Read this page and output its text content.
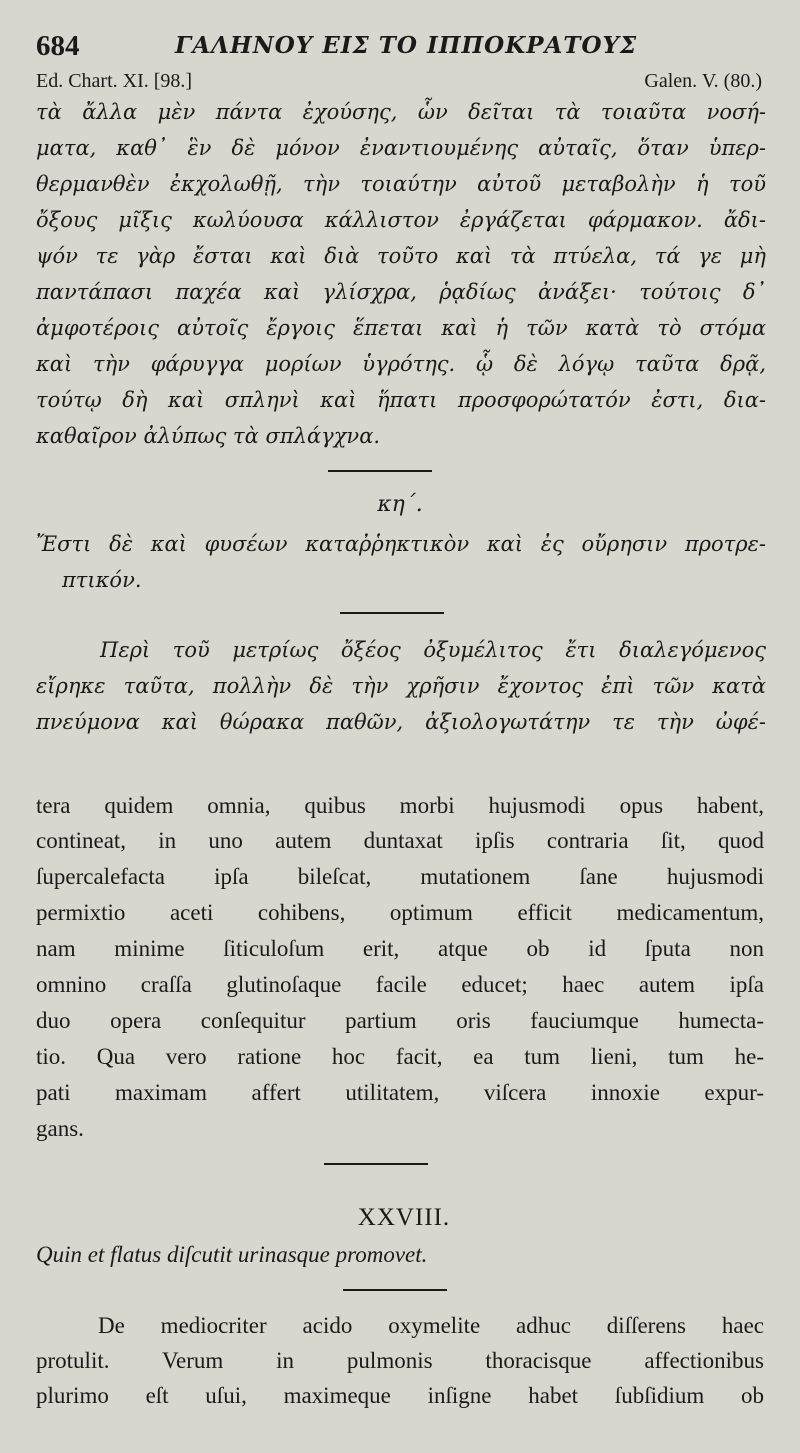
684	ΓΑΛΗΝΟΥ ΕΙΣ ΤΟ ΙΠΠΟΚΡΑΤΟΥΣ
Ed. Chart. XI. [98.]	Galen. V. (80.)
τὰ ἄλλα μὲν πάντα ἐχούσης, ὧν δεῖται τὰ τοιαῦτα νοσή-
ματα, καθ᾽ ἓν δὲ μόνον ἐναντιουμένης αὐταῖς, ὅταν ὑπερ-
θερμανθὲν ἐκχολωθῇ, τὴν τοιαύτην αὐτοῦ μεταβολὴν ἡ τοῦ
ὄξους μῖξις κωλύουσα κάλλιστον ἐργάζεται φάρμακον. ἄδι-
ψόν τε γὰρ ἔσται καὶ διὰ τοῦτο καὶ τὰ πτύελα, τά γε μὴ
παντάπασι παχέα καὶ γλίσχρα, ῥᾳδίως ἀνάξει· τούτοις δ᾽
ἀμφοτέροις αὐτοῖς ἔργοις ἕπεται καὶ ἡ τῶν κατὰ τὸ στόμα
καὶ τὴν φάρυγγα μορίων ὑγρότης. ᾧ δὲ λόγῳ ταῦτα δρᾷ,
τούτῳ δὴ καὶ σπληνὶ καὶ ἥπατι προσφορώτατόν ἐστι, δια-
καθαῖρον ἀλύπως τὰ σπλάγχνα.
κη΄.
Ἔστι δὲ καὶ φυσέων καταῤῥηκτικὸν καὶ ἐς οὔρησιν προτρε-
πτικόν.
Περὶ τοῦ μετρίως ὄξέος ὀξυμέλιτος ἔτι διαλεγόμενος
εἴρηκε ταῦτα, πολλὴν δὲ τὴν χρῆσιν ἔχοντος ἐπὶ τῶν κατὰ
πνεύμονα καὶ θώρακα παθῶν, ἀξιολογωτάτην τε τὴν ὠφέ-
tera quidem omnia, quibus morbi hujusmodi opus habent,
contineat, in uno autem duntaxat ipſis contraria ſit, quod
ſupercalefacta ipſa bileſcat, mutationem ſane hujusmodi
permixtio aceti cohibens, optimum efficit medicamentum,
nam minime ſiticuloſum erit, atque ob id ſputa non
omnino craſſa glutinoſaque facile educet; haec autem ipſa
duo opera conſequitur partium oris fauciumque humecta-
tio. Qua vero ratione hoc facit, ea tum lieni, tum he-
pati maximam affert utilitatem, viſcera innoxie expur-
gans.
XXVIII.
Quin et flatus diſcutit urinasque promovet.
De mediocriter acido oxymelite adhuc diſſerens haec
protulit. Verum in pulmonis thoracisque affectionibus
plurimo eſt uſui, maximeque inſigne habet ſubſidium ob
